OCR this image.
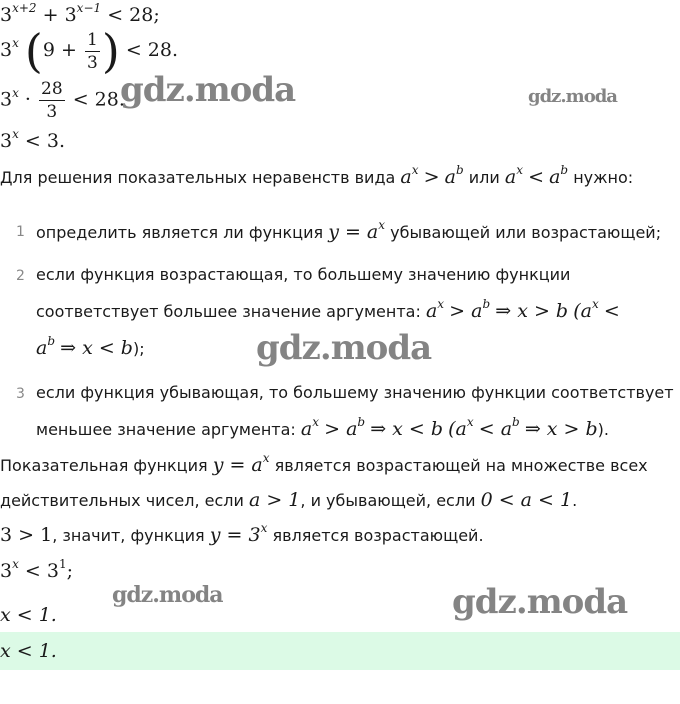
$3^{x+2} + 3^{x-1} < 28$;
3$^x$ ($9 + \frac{1}{3}$ ) < 28.
$3^x \cdot \frac{28}{3} < 28$.
$3^x < 3$.
Для решения показательных неравенств вида $a^x > a^b$ или $a^x < a^b$ нужно:
1 определить является ли функция $y = a^x$ убывающей или возрастающей;
2 если функция возрастающая, то большему значению функции
соответствует большее значение аргумента: $a^x > a^b$ ⇒ x > b ($a^x$ <
$a^b$ ⇒ x < b);
3 если функция убывающая, то большему значению функции соответствует
меньшее значение аргумента: $a^x > a^b$ ⇒ x < b ($a^x < a^b$ ⇒ x > b).
Показательная функция $y = a^x$ является возрастающей на множестве всех
действительных чисел, если a > 1, и убывающей, если 0 < a < 1.
3 > 1, значит, функция $y = 3^x$ является возрастающей.
$3^x < 3^1$;
x < 1.
x < 1.
gdz.moda	gdz.moda
gdz.moda
gdz.moda	gdz.moda
